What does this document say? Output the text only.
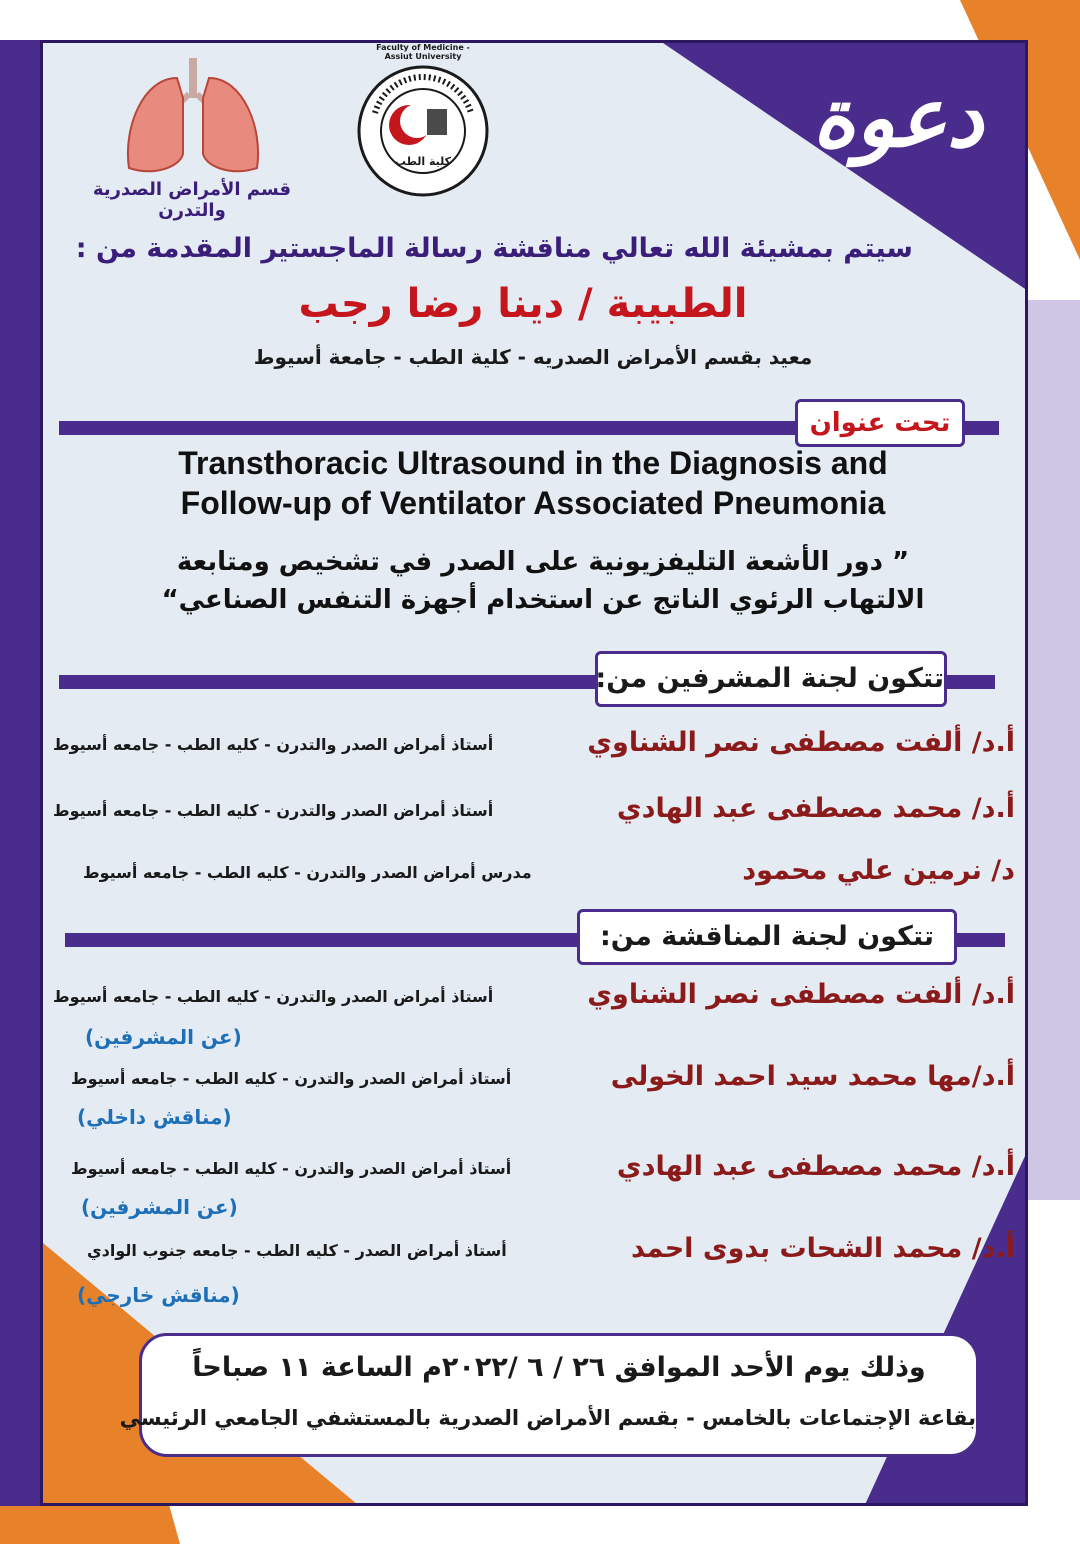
دعوة
كلية الطب
Faculty of Medicine - Assiut University
قسم الأمراض الصدرية والتدرن
سيتم بمشيئة الله تعالي مناقشة رسالة الماجستير المقدمة من :
الطبيبة / دينا رضا رجب
معيد بقسم الأمراض الصدريه - كلية الطب - جامعة أسيوط
تحت عنوان
Transthoracic Ultrasound in the Diagnosis and
Follow-up of Ventilator Associated Pneumonia
” دور الأشعة التليفزيونية على الصدر في تشخيص ومتابعة
الالتهاب الرئوي الناتج عن استخدام أجهزة التنفس الصناعي“
تتكون لجنة المشرفين من:
أ.د/ ألفت مصطفى نصر الشناوي
أستاذ أمراض الصدر والتدرن - كليه الطب - جامعه أسيوط
أ.د/ محمد مصطفى عبد الهادي
أستاذ أمراض الصدر والتدرن - كليه الطب - جامعه أسيوط
د/ نرمين علي محمود
مدرس أمراض الصدر والتدرن - كليه الطب - جامعه أسيوط
تتكون لجنة المناقشة من:
أ.د/ ألفت مصطفى نصر الشناوي
أستاذ أمراض الصدر والتدرن - كليه الطب - جامعه أسيوط
(عن المشرفين)
أ.د/مها محمد سيد احمد الخولى
أستاذ أمراض الصدر والتدرن - كليه الطب - جامعه أسيوط
(مناقش داخلي)
أ.د/ محمد مصطفى عبد الهادي
أستاذ أمراض الصدر والتدرن - كليه الطب - جامعه أسيوط
(عن المشرفين)
أ.د/ محمد الشحات بدوى احمد
أستاذ أمراض الصدر - كليه الطب - جامعه جنوب الوادي
(مناقش خارجي)
وذلك يوم الأحد الموافق ٢٦ / ٦ /٢٠٢٢م الساعة ١١ صباحاً
بقاعة الإجتماعات بالخامس - بقسم الأمراض الصدرية بالمستشفي الجامعي الرئيسي
